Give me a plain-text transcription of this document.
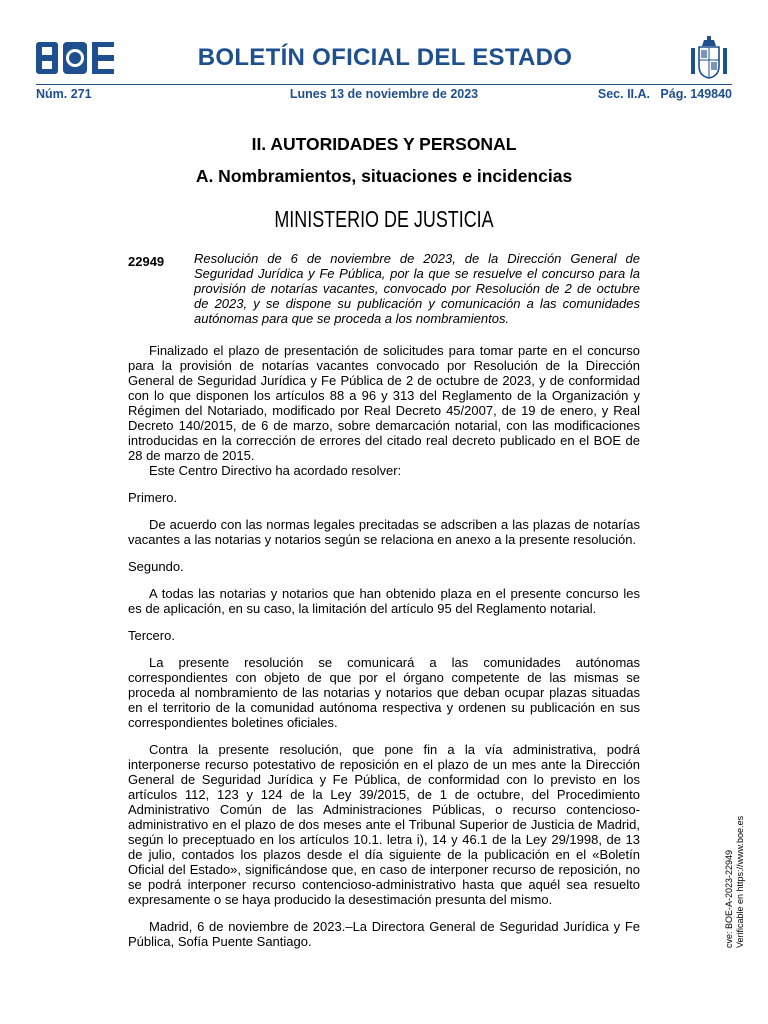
BOLETÍN OFICIAL DEL ESTADO
Lunes 13 de noviembre de 2023
Núm. 271	Sec. II.A.   Pág. 149840
II. AUTORIDADES Y PERSONAL
A. Nombramientos, situaciones e incidencias
MINISTERIO DE JUSTICIA
22949 Resolución de 6 de noviembre de 2023, de la Dirección General de Seguridad Jurídica y Fe Pública, por la que se resuelve el concurso para la provisión de notarías vacantes, convocado por Resolución de 2 de octubre de 2023, y se dispone su publicación y comunicación a las comunidades autónomas para que se proceda a los nombramientos.

Finalizado el plazo de presentación de solicitudes para tomar parte en el concurso para la provisión de notarías vacantes convocado por Resolución de la Dirección General de Seguridad Jurídica y Fe Pública de 2 de octubre de 2023, y de conformidad con lo que disponen los artículos 88 a 96 y 313 del Reglamento de la Organización y Régimen del Notariado, modificado por Real Decreto 45/2007, de 19 de enero, y Real Decreto 140/2015, de 6 de marzo, sobre demarcación notarial, con las modificaciones introducidas en la corrección de errores del citado real decreto publicado en el BOE de 28 de marzo de 2015.

Este Centro Directivo ha acordado resolver:

Primero.

De acuerdo con las normas legales precitadas se adscriben a las plazas de notarías vacantes a las notarias y notarios según se relaciona en anexo a la presente resolución.

Segundo.

A todas las notarias y notarios que han obtenido plaza en el presente concurso les es de aplicación, en su caso, la limitación del artículo 95 del Reglamento notarial.

Tercero.

La presente resolución se comunicará a las comunidades autónomas correspondientes con objeto de que por el órgano competente de las mismas se proceda al nombramiento de las notarias y notarios que deban ocupar plazas situadas en el territorio de la comunidad autónoma respectiva y ordenen su publicación en sus correspondientes boletines oficiales.

Contra la presente resolución, que pone fin a la vía administrativa, podrá interponerse recurso potestativo de reposición en el plazo de un mes ante la Dirección General de Seguridad Jurídica y Fe Pública, de conformidad con lo previsto en los artículos 112, 123 y 124 de la Ley 39/2015, de 1 de octubre, del Procedimiento Administrativo Común de las Administraciones Públicas, o recurso contencioso-administrativo en el plazo de dos meses ante el Tribunal Superior de Justicia de Madrid, según lo preceptuado en los artículos 10.1. letra i), 14 y 46.1 de la Ley 29/1998, de 13 de julio, contados los plazos desde el día siguiente de la publicación en el «Boletín Oficial del Estado», significándose que, en caso de interponer recurso de reposición, no se podrá interponer recurso contencioso-administrativo hasta que aquél sea resuelto expresamente o se haya producido la desestimación presunta del mismo.

Madrid, 6 de noviembre de 2023.–La Directora General de Seguridad Jurídica y Fe Pública, Sofía Puente Santiago.	cve: BOE-A-2023-22949 Verificable en https://www.boe.es
